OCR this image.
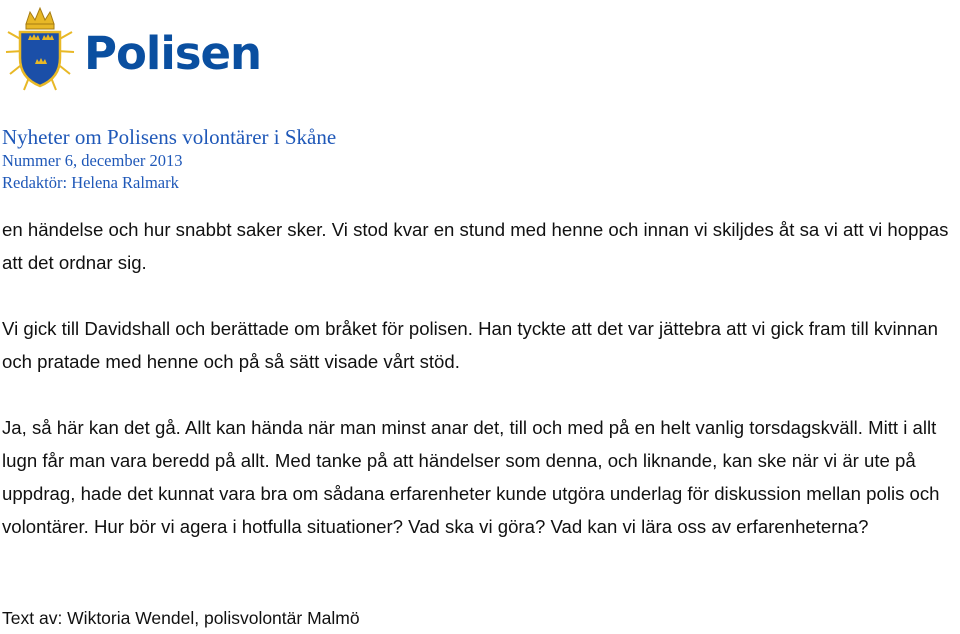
Polisen
Nyheter om Polisens volontärer i Skåne
Nummer 6, december 2013
Redaktör: Helena Ralmark

en händelse och hur snabbt saker sker. Vi stod kvar en stund med henne och innan vi skiljdes åt sa vi att vi hoppas att det ordnar sig.

Vi gick till Davidshall och berättade om bråket för polisen. Han tyckte att det var jättebra att vi gick fram till kvinnan och pratade med henne och på så sätt visade vårt stöd.

Ja, så här kan det gå. Allt kan hända när man minst anar det, till och med på en helt vanlig torsdagskväll. Mitt i allt lugn får man vara beredd på allt. Med tanke på att händelser som denna, och liknande, kan ske när vi är ute på uppdrag, hade det kunnat vara bra om sådana erfarenheter kunde utgöra underlag för diskussion mellan polis och volontärer. Hur bör vi agera i hotfulla situationer? Vad ska vi göra? Vad kan vi lära oss av erfarenheterna?

Text av: Wiktoria Wendel, polisvolontär Malmö
